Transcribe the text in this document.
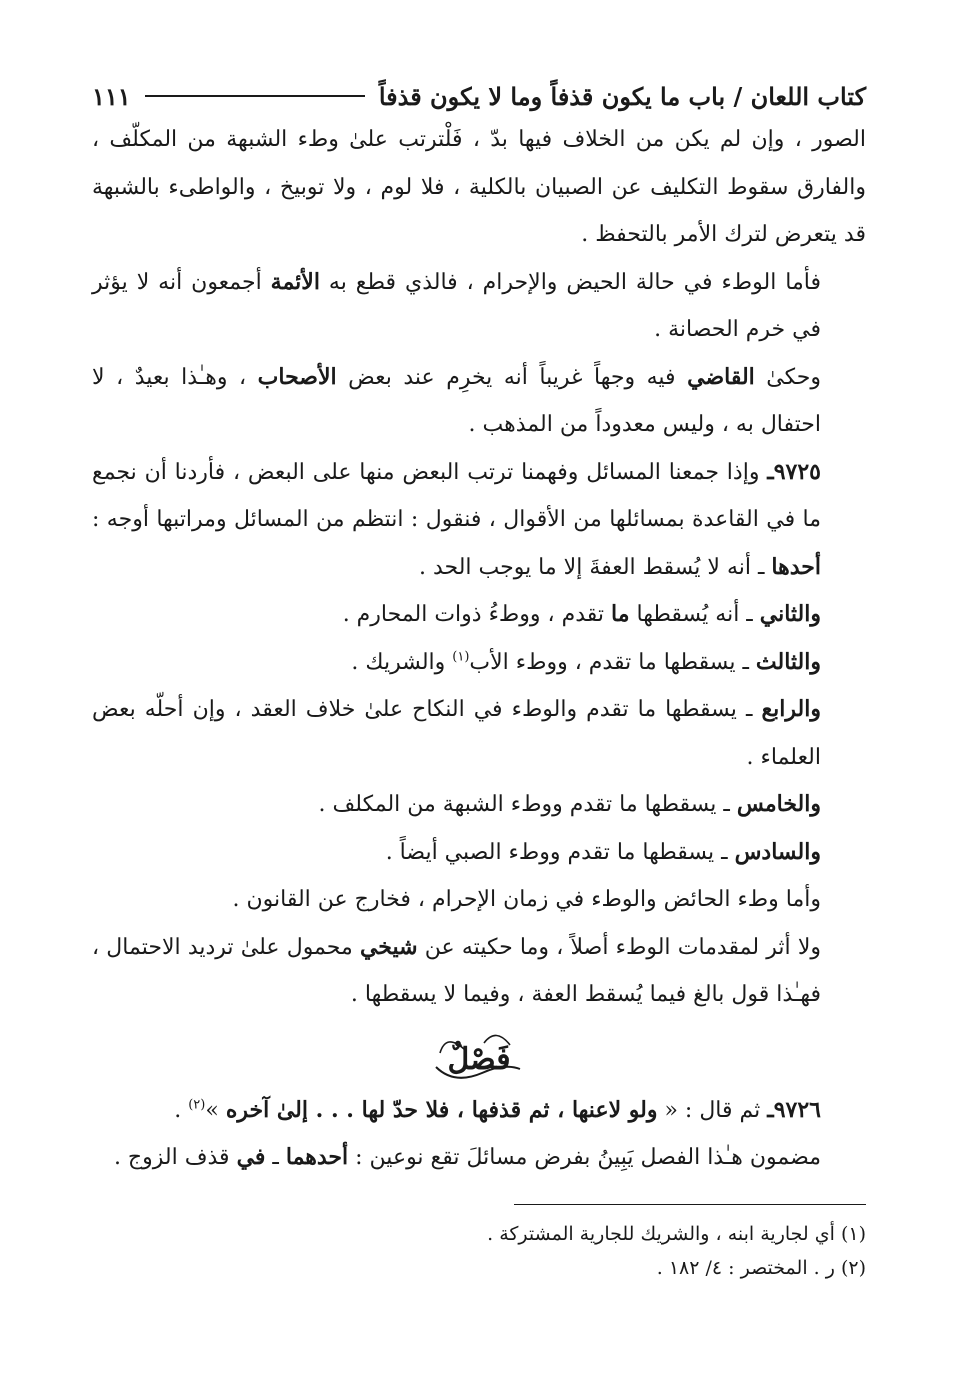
كتاب اللعان / باب ما يكون قذفاً وما لا يكون قذفاً
١١١

الصور ، وإن لم يكن من الخلاف فيها بدّ ، فَلْترتب علىٰ وطء الشبهة من المكلّف ، والفارق سقوط التكليف عن الصبيان بالكلية ، فلا لوم ، ولا توبيخ ، والواطىء بالشبهة قد يتعرض لترك الأمر بالتحفظ .

فأما الوطء في حالة الحيض والإحرام ، فالذي قطع به الأئمة أجمعون أنه لا يؤثر في خرم الحصانة .

وحكىٰ القاضي فيه وجهاً غريباً أنه يخرِم عند بعض الأصحاب ، وهـٰذا بعيدٌ ، لا احتفال به ، وليس معدوداً من المذهب .

٩٧٢٥ـ وإذا جمعنا المسائل وفهمنا ترتب البعض منها على البعض ، فأردنا أن نجمع ما في القاعدة بمسائلها من الأقوال ، فنقول : انتظم من المسائل ومراتبها أوجه : أحدها ـ أنه لا يُسقط العفةَ إلا ما يوجب الحد .

والثاني ـ أنه يُسقطها ما تقدم ، ووطءُ ذوات المحارم .

والثالث ـ يسقطها ما تقدم ، ووطء الأب$^{(١)}$ والشريك .

والرابع ـ يسقطها ما تقدم والوطء في النكاح علىٰ خلاف العقد ، وإن أحلّه بعض العلماء .

والخامس ـ يسقطها ما تقدم ووطء الشبهة من المكلف .

والسادس ـ يسقطها ما تقدم ووطء الصبي أيضاً .

وأما وطء الحائض والوطء في زمان الإحرام ، فخارج عن القانون .

ولا أثر لمقدمات الوطء أصلاً ، وما حكيته عن شيخي محمول علىٰ ترديد الاحتمال ، فهـٰذا قول بالغ فيما يُسقط العفة ، وفيما لا يسقطها .

فَصْلٌ

٩٧٢٦ـ ثم قال : « ولو لاعنها ، ثم قذفها ، فلا حدّ لها . . . إلىٰ آخره »$^{(٢)}$ .

مضمون هـٰذا الفصل يَبِينُ بفرض مسائلَ تقع نوعين : أحدهما ـ في قذف الزوج .

(١) أي لجارية ابنه ، والشريك للجارية المشتركة .

(٢) ر . المختصر : ٤/ ١٨٢ .
